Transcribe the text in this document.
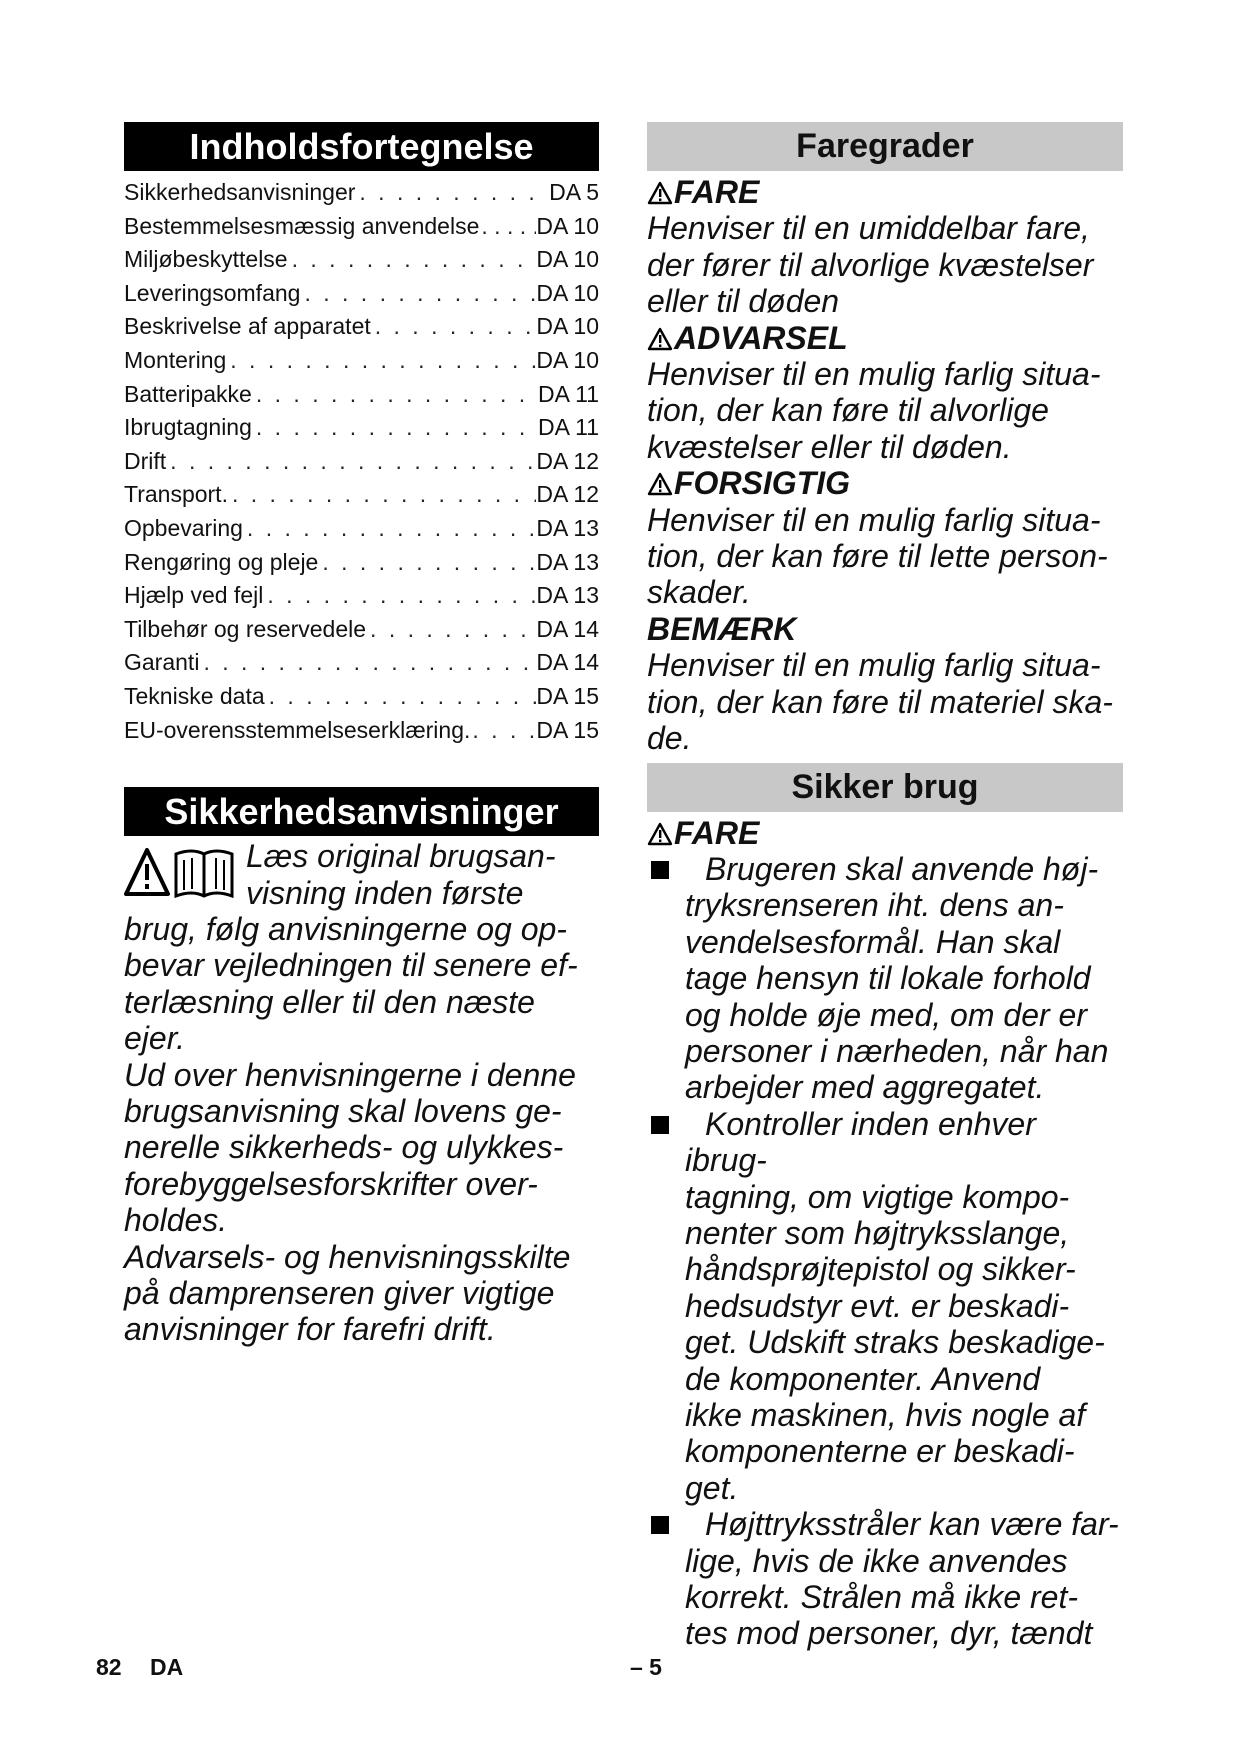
Indholdsfortegnelse
Sikkerhedsanvisninger . . .	DA 5
Bestemmelsesmæssig anvendelse . . . DA 10
Miljøbeskyttelse . . .	DA 10
Leveringsomfang . . .	DA 10
Beskrivelse af apparatet . . .	DA 10
Montering . . .	DA 10
Batteripakke . . .	DA 11
Ibrugtagning . . .	DA 11
Drift . . .	DA 12
Transport. . . .	DA 12
Opbevaring . . .	DA 13
Rengøring og pleje . . .	DA 13
Hjælp ved fejl . . .	DA 13
Tilbehør og reservedele . . .	DA 14
Garanti . . .	DA 14
Tekniske data . . .	DA 15
EU-overensstemmelseserklæring. . . .	DA 15
Sikkerhedsanvisninger
Læs original brugsan-
visning inden første
brug, følg anvisningerne og op-
bevar vejledningen til senere ef-
terlæsning eller til den næste
ejer.
Ud over henvisningerne i denne
brugsanvisning skal lovens ge-
nerelle sikkerheds- og ulykkes-
forebyggelsesforskrifter over-
holdes.
Advarsels- og henvisningsskilte
på damprenseren giver vigtige
anvisninger for farefri drift.
Faregrader
FARE
Henviser til en umiddelbar fare,
der fører til alvorlige kvæstelser
eller til døden
ADVARSEL
Henviser til en mulig farlig situa-
tion, der kan føre til alvorlige
kvæstelser eller til døden.
FORSIGTIG
Henviser til en mulig farlig situa-
tion, der kan føre til lette person-
skader.
BEMÆRK
Henviser til en mulig farlig situa-
tion, der kan føre til materiel ska-
de.
Sikker brug
FARE
Brugeren skal anvende høj-
tryksrenseren iht. dens an-
vendelsesformål. Han skal
tage hensyn til lokale forhold
og holde øje med, om der er
personer i nærheden, når han
arbejder med aggregatet.
Kontroller inden enhver ibrug-
tagning, om vigtige kompo-
nenter som højtryksslange,
håndsprøjtepistol og sikker-
hedsudstyr evt. er beskadi-
get. Udskift straks beskadige-
de komponenter. Anvend
ikke maskinen, hvis nogle af
komponenterne er beskadi-
get.
Højttryksstråler kan være far-
lige, hvis de ikke anvendes
korrekt. Strålen må ikke ret-
tes mod personer, dyr, tændt
82 DA	– 5
